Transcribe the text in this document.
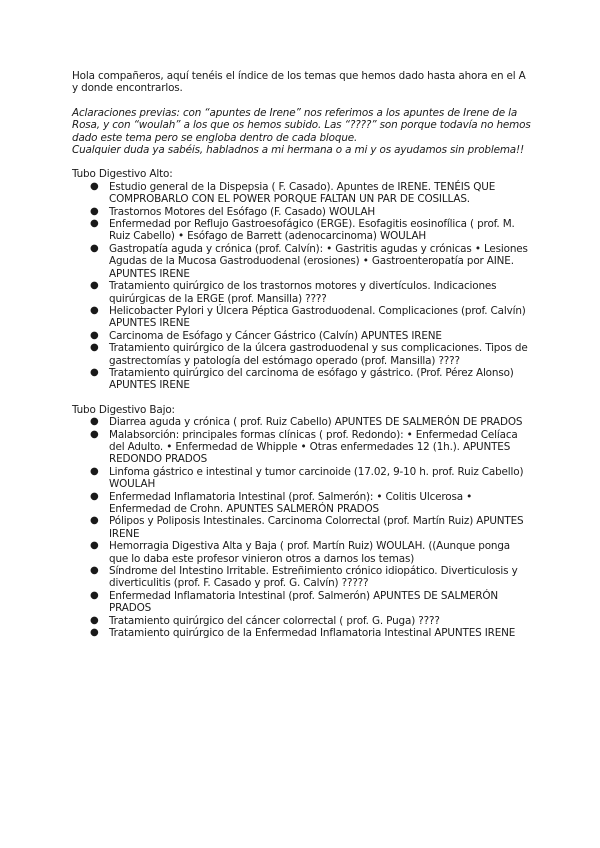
Hola compañeros, aquí tenéis el índice de los temas que hemos dado hasta ahora en el A y donde encontrarlos.

Aclaraciones previas: con “apuntes de Irene” nos referimos a los apuntes de Irene de la Rosa, y con “woulah” a los que os hemos subido. Las “????” son porque todavía no hemos dado este tema pero se engloba dentro de cada bloque.
Cualquier duda ya sabéis, habladnos a mi hermana o a mi y os ayudamos sin problema!!

Tubo Digestivo Alto:

● Estudio general de la Dispepsia ( F. Casado). Apuntes de IRENE. TENÉIS QUE COMPROBARLO CON EL POWER PORQUE FALTAN UN PAR DE COSILLAS.
● Trastornos Motores del Esófago (F. Casado) WOULAH
● Enfermedad por Reflujo Gastroesofágico (ERGE). Esofagitis eosinofílica ( prof. M. Ruiz Cabello) • Esófago de Barrett (adenocarcinoma) WOULAH
● Gastropatía aguda y crónica (prof. Calvín): • Gastritis agudas y crónicas • Lesiones Agudas de la Mucosa Gastroduodenal (erosiones) • Gastroenteropatía por AINE. APUNTES IRENE
● Tratamiento quirúrgico de los trastornos motores y divertículos. Indicaciones quirúrgicas de la ERGE (prof. Mansilla) ????
● Helicobacter Pylori y Úlcera Péptica Gastroduodenal. Complicaciones (prof. Calvín) APUNTES IRENE
● Carcinoma de Esófago y Cáncer Gástrico (Calvín) APUNTES IRENE
● Tratamiento quirúrgico de la úlcera gastroduodenal y sus complicaciones. Tipos de gastrectomías y patología del estómago operado (prof. Mansilla) ????
● Tratamiento quirúrgico del carcinoma de esófago y gástrico. (Prof. Pérez Alonso) APUNTES IRENE

Tubo Digestivo Bajo:

● Diarrea aguda y crónica ( prof. Ruiz Cabello) APUNTES DE SALMERÓN DE PRADOS
● Malabsorción: principales formas clínicas ( prof. Redondo): • Enfermedad Celíaca del Adulto. • Enfermedad de Whipple • Otras enfermedades 12 (1h.). APUNTES REDONDO PRADOS
● Linfoma gástrico e intestinal y tumor carcinoide (17.02, 9-10 h. prof. Ruiz Cabello) WOULAH
● Enfermedad Inflamatoria Intestinal (prof. Salmerón): • Colitis Ulcerosa • Enfermedad de Crohn. APUNTES SALMERÓN PRADOS
● Pólipos y Poliposis Intestinales. Carcinoma Colorrectal (prof. Martín Ruiz) APUNTES IRENE
● Hemorragia Digestiva Alta y Baja ( prof. Martín Ruiz) WOULAH. ((Aunque ponga que lo daba este profesor vinieron otros a darnos los temas)
● Síndrome del Intestino Irritable. Estreñimiento crónico idiopático. Diverticulosis y diverticulitis (prof. F. Casado y prof. G. Calvín) ?????
● Enfermedad Inflamatoria Intestinal (prof. Salmerón) APUNTES DE SALMERÓN PRADOS
● Tratamiento quirúrgico del cáncer colorrectal ( prof. G. Puga) ????
● Tratamiento quirúrgico de la Enfermedad Inflamatoria Intestinal APUNTES IRENE
